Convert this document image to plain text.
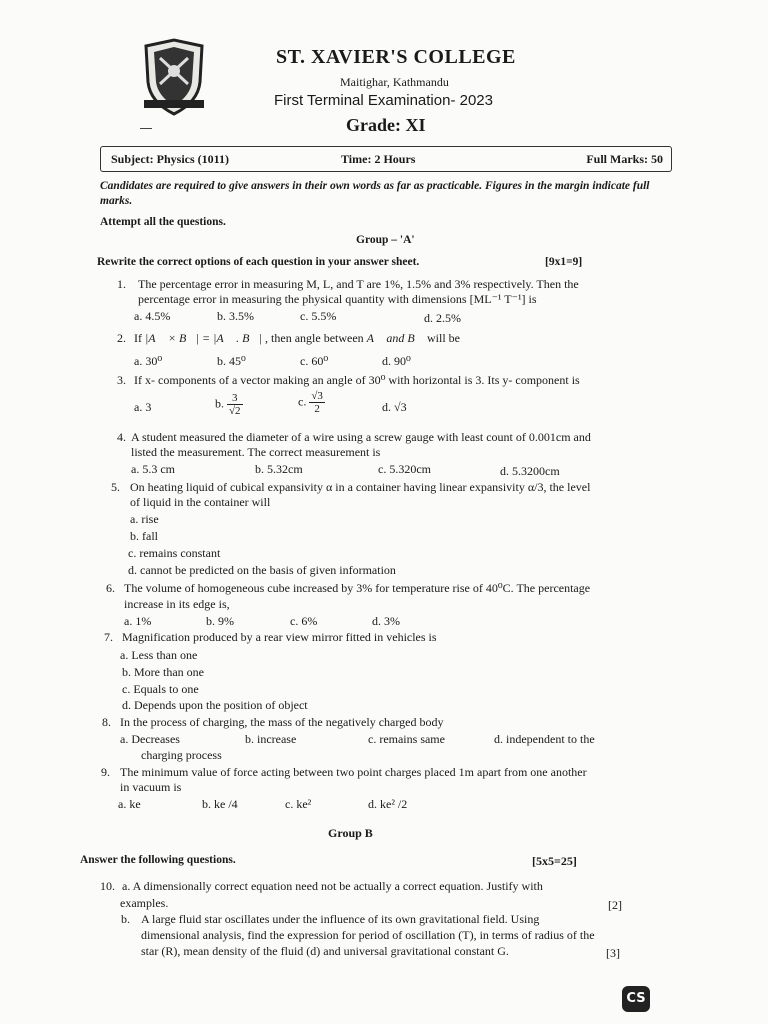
ST. XAVIER'S COLLEGE
Maitighar, Kathmandu
First Terminal Examination- 2023
Grade: XI
Subject: Physics (1011)	Time: 2 Hours	Full Marks: 50
Candidates are required to give answers in their own words as far as practicable. Figures in the margin indicate full marks.
Attempt all the questions.
Group – 'A'
Rewrite the correct options of each question in your answer sheet.	[9x1=9]
1. The percentage error in measuring M, L, and T are 1%, 1.5% and 3% respectively. Then the
percentage error in measuring the physical quantity with dimensions [ML⁻¹ T⁻¹] is
a. 4.5%	b. 3.5%	c. 5.5%	d. 2.5%
2. If |A⃗ × B⃗| = |A⃗ . B⃗| , then angle between A⃗ and B⃗ will be
a. 30⁰	b. 45⁰	c. 60⁰	d. 90⁰
3. If x- components of a vector making an angle of 30⁰ with horizontal is 3. Its y- component is
a. 3	b. $\frac{3}{√2}$	c. $\frac{√3}{2}$	d. √3
4. A student measured the diameter of a wire using a screw gauge with least count of 0.001cm and
listed the measurement. The correct measurement is
a. 5.3 cm	b. 5.32cm	c. 5.320cm	d. 5.3200cm
5. On heating liquid of cubical expansivity α in a container having linear expansivity α/3, the level
of liquid in the container will
a. rise
b. fall
c. remains constant
d. cannot be predicted on the basis of given information
6. The volume of homogeneous cube increased by 3% for temperature rise of 40⁰C. The percentage
increase in its edge is,
a. 1%	b. 9%	c. 6%	d. 3%
7. Magnification produced by a rear view mirror fitted in vehicles is
a. Less than one
b. More than one
c. Equals to one
d. Depends upon the position of object
8. In the process of charging, the mass of the negatively charged body
a. Decreases	b. increase	c. remains same	d. independent to the
charging process
9. The minimum value of force acting between two point charges placed 1m apart from one another
in vacuum is
a. ke	b. ke /4	c. ke²	d. ke² /2
Group B
Answer the following questions.	[5x5=25]
10. a. A dimensionally correct equation need not be actually a correct equation. Justify with
examples.	[2]
b. A large fluid star oscillates under the influence of its own gravitational field. Using
dimensional analysis, find the expression for period of oscillation (T), in terms of radius of the
star (R), mean density of the fluid (d) and universal gravitational constant G.	[3]
CS
